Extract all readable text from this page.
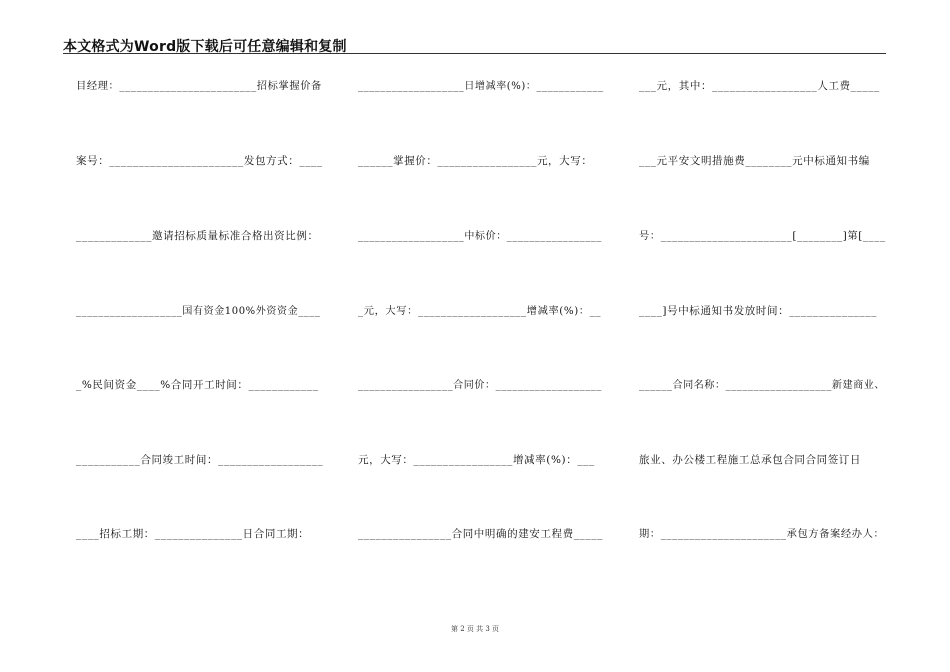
本文格式为Word版下载后可任意编辑和复制
目经理：________________________招标掌握价备
案号：_______________________发包方式：____
_____________邀请招标质量标准合格出资比例：
___________________国有资金100%外资资金____
_%民间资金____%合同开工时间：____________
___________合同竣工时间：__________________
____招标工期：_______________日合同工期：
___________________日增减率(%)：____________
______掌握价：_________________元，大写：
___________________中标价：_________________
_元，大写：___________________增减率(%)：__
_________________合同价：___________________
元，大写：_________________增减率(%)：___
________________合同中明确的建安工程费_____
___元，其中：__________________人工费_____
___元平安文明措施费________元中标通知书编
号：_______________________[________]第[____
____]号中标通知书发放时间：_______________
______合同名称：___________________新建商业、
旅业、办公楼工程施工总承包合同合同签订日
期：______________________承包方备案经办人：
第 2 页 共 3 页
